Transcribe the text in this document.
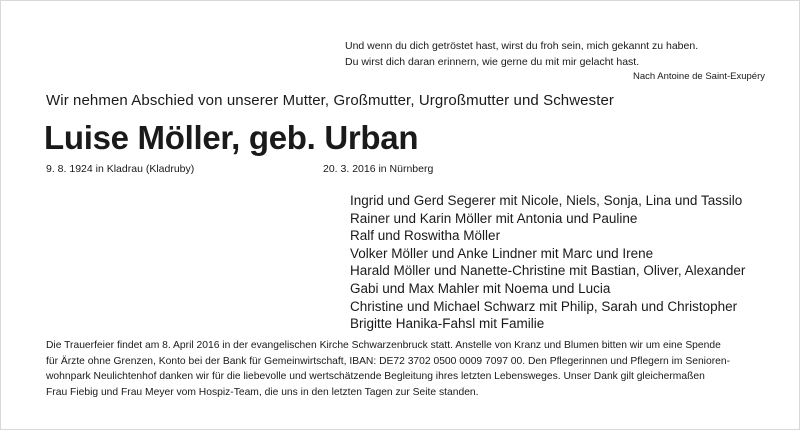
Und wenn du dich getröstet hast, wirst du froh sein, mich gekannt zu haben.
Du wirst dich daran erinnern, wie gerne du mit mir gelacht hast.
Nach Antoine de Saint-Exupéry
Wir nehmen Abschied von unserer Mutter, Großmutter, Urgroßmutter und Schwester
Luise Möller, geb. Urban
9. 8. 1924 in Kladrau (Kladruby)	20. 3. 2016 in Nürnberg
Ingrid und Gerd Segerer mit Nicole, Niels, Sonja, Lina und Tassilo
Rainer und Karin Möller mit Antonia und Pauline
Ralf und Roswitha Möller
Volker Möller und Anke Lindner mit Marc und Irene
Harald Möller und Nanette-Christine mit Bastian, Oliver, Alexander
Gabi und Max Mahler mit Noema und Lucia
Christine und Michael Schwarz mit Philip, Sarah und Christopher
Brigitte Hanika-Fahsl mit Familie
Die Trauerfeier findet am 8. April 2016 in der evangelischen Kirche Schwarzenbruck statt. Anstelle von Kranz und Blumen bitten wir um eine Spende
für Ärzte ohne Grenzen, Konto bei der Bank für Gemeinwirtschaft, IBAN: DE72 3702 0500 0009 7097 00. Den Pflegerinnen und Pflegern im Senioren-
wohnpark Neulichtenhof danken wir für die liebevolle und wertschätzende Begleitung ihres letzten Lebensweges. Unser Dank gilt gleichermaßen
Frau Fiebig und Frau Meyer vom Hospiz-Team, die uns in den letzten Tagen zur Seite standen.
